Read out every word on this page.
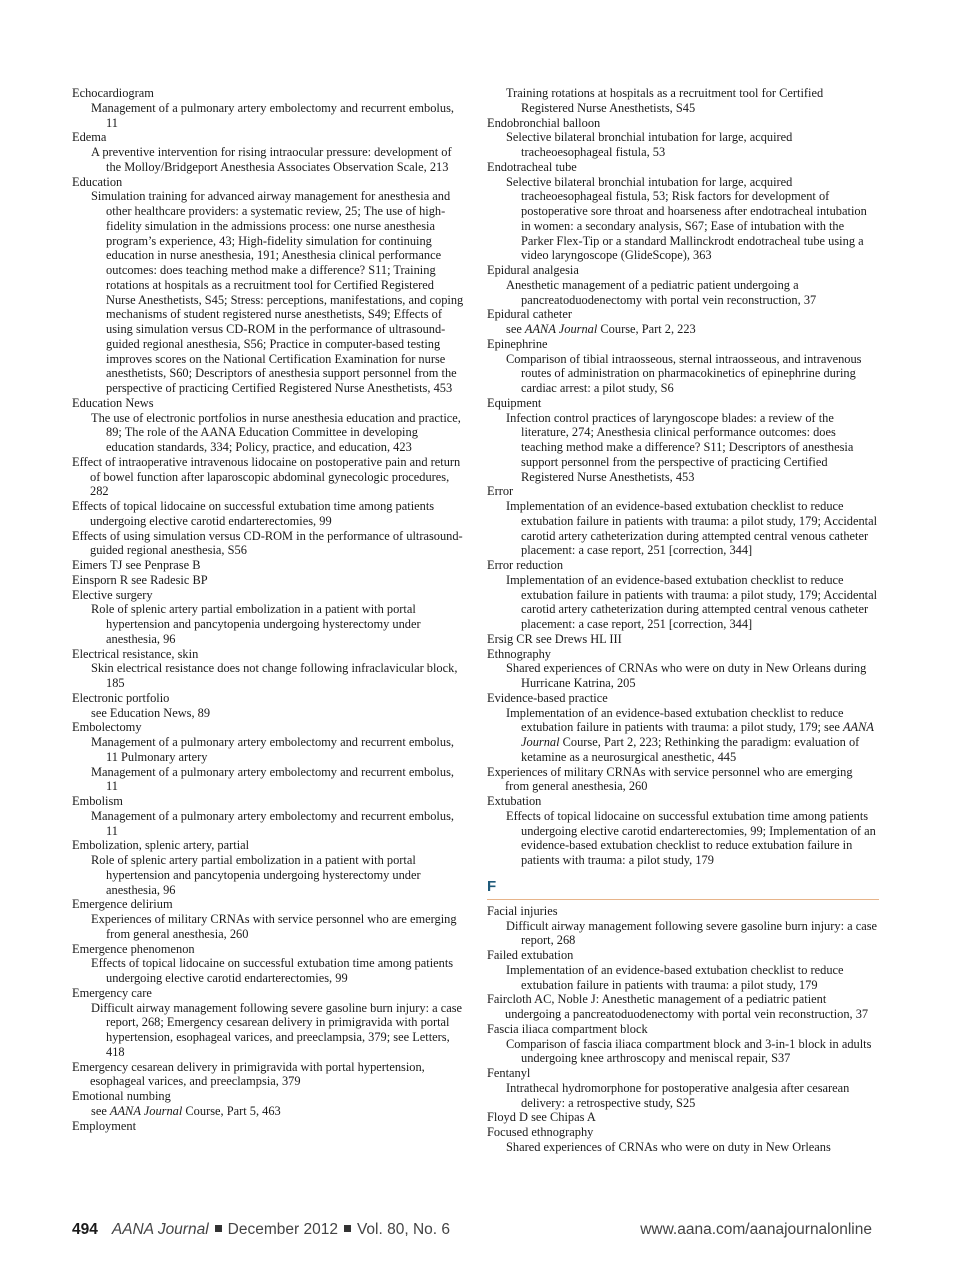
Echocardiogram

Management of a pulmonary artery embolectomy and recurrent embolus, 11

Edema

A preventive intervention for rising intraocular pressure: development of the Molloy/Bridgeport Anesthesia Associates Observation Scale, 213

Education

Simulation training for advanced airway management for anesthesia and other healthcare providers: a systematic review, 25; The use of high-fidelity simulation in the admissions process: one nurse anesthesia program’s experience, 43; High-fidelity simulation for continuing education in nurse anesthesia, 191; Anesthesia clinical performance outcomes: does teaching method make a difference? S11; Training rotations at hospitals as a recruitment tool for Certified Registered Nurse Anesthetists, S45; Stress: perceptions, manifestations, and coping mechanisms of student registered nurse anesthetists, S49; Effects of using simulation versus CD-ROM in the performance of ultrasound-guided regional anesthesia, S56; Practice in computer-based testing improves scores on the National Certification Examination for nurse anesthetists, S60; Descriptors of anesthesia support personnel from the perspective of practicing Certified Registered Nurse Anesthetists, 453

Education News

The use of electronic portfolios in nurse anesthesia education and practice, 89; The role of the AANA Education Committee in developing education standards, 334; Policy, practice, and education, 423

Effect of intraoperative intravenous lidocaine on postoperative pain and return of bowel function after laparoscopic abdominal gynecologic procedures, 282

Effects of topical lidocaine on successful extubation time among patients undergoing elective carotid endarterectomies, 99

Effects of using simulation versus CD-ROM in the performance of ultrasound-guided regional anesthesia, S56

Eimers TJ see Penprase B

Einsporn R see Radesic BP

Elective surgery

Role of splenic artery partial embolization in a patient with portal hypertension and pancytopenia undergoing hysterectomy under anesthesia, 96

Electrical resistance, skin

Skin electrical resistance does not change following infraclavicular block, 185

Electronic portfolio

see Education News, 89

Embolectomy

Management of a pulmonary artery embolectomy and recurrent embolus, 11 Pulmonary artery

Management of a pulmonary artery embolectomy and recurrent embolus, 11

Embolism

Management of a pulmonary artery embolectomy and recurrent embolus, 11

Embolization, splenic artery, partial

Role of splenic artery partial embolization in a patient with portal hypertension and pancytopenia undergoing hysterectomy under anesthesia, 96

Emergence delirium

Experiences of military CRNAs with service personnel who are emerging from general anesthesia, 260

Emergence phenomenon

Effects of topical lidocaine on successful extubation time among patients undergoing elective carotid endarterectomies, 99

Emergency care

Difficult airway management following severe gasoline burn injury: a case report, 268; Emergency cesarean delivery in primigravida with portal hypertension, esophageal varices, and preeclampsia, 379; see Letters, 418

Emergency cesarean delivery in primigravida with portal hypertension, esophageal varices, and preeclampsia, 379

Emotional numbing

see AANA Journal Course, Part 5, 463

Employment

Training rotations at hospitals as a recruitment tool for Certified Registered Nurse Anesthetists, S45

Endobronchial balloon

Selective bilateral bronchial intubation for large, acquired tracheoesophageal fistula, 53

Endotracheal tube

Selective bilateral bronchial intubation for large, acquired tracheoesophageal fistula, 53; Risk factors for development of postoperative sore throat and hoarseness after endotracheal intubation in women: a secondary analysis, S67; Ease of intubation with the Parker Flex-Tip or a standard Mallinckrodt endotracheal tube using a video laryngoscope (GlideScope), 363

Epidural analgesia

Anesthetic management of a pediatric patient undergoing a pancreatoduodenectomy with portal vein reconstruction, 37

Epidural catheter

see AANA Journal Course, Part 2, 223

Epinephrine

Comparison of tibial intraosseous, sternal intraosseous, and intravenous routes of administration on pharmacokinetics of epinephrine during cardiac arrest: a pilot study, S6

Equipment

Infection control practices of laryngoscope blades: a review of the literature, 274; Anesthesia clinical performance outcomes: does teaching method make a difference? S11; Descriptors of anesthesia support personnel from the perspective of practicing Certified Registered Nurse Anesthetists, 453

Error

Implementation of an evidence-based extubation checklist to reduce extubation failure in patients with trauma: a pilot study, 179; Accidental carotid artery catheterization during attempted central venous catheter placement: a case report, 251 [correction, 344]

Error reduction

Implementation of an evidence-based extubation checklist to reduce extubation failure in patients with trauma: a pilot study, 179; Accidental carotid artery catheterization during attempted central venous catheter placement: a case report, 251 [correction, 344]

Ersig CR see Drews HL III

Ethnography

Shared experiences of CRNAs who were on duty in New Orleans during Hurricane Katrina, 205

Evidence-based practice

Implementation of an evidence-based extubation checklist to reduce extubation failure in patients with trauma: a pilot study, 179; see AANA Journal Course, Part 2, 223; Rethinking the paradigm: evaluation of ketamine as a neurosurgical anesthetic, 445

Experiences of military CRNAs with service personnel who are emerging from general anesthesia, 260

Extubation

Effects of topical lidocaine on successful extubation time among patients undergoing elective carotid endarterectomies, 99; Implementation of an evidence-based extubation checklist to reduce extubation failure in patients with trauma: a pilot study, 179

F

Facial injuries

Difficult airway management following severe gasoline burn injury: a case report, 268

Failed extubation

Implementation of an evidence-based extubation checklist to reduce extubation failure in patients with trauma: a pilot study, 179

Faircloth AC, Noble J: Anesthetic management of a pediatric patient undergoing a pancreatoduodenectomy with portal vein reconstruction, 37

Fascia iliaca compartment block

Comparison of fascia iliaca compartment block and 3-in-1 block in adults undergoing knee arthroscopy and meniscal repair, S37

Fentanyl

Intrathecal hydromorphone for postoperative analgesia after cesarean delivery: a retrospective study, S25

Floyd D see Chipas A

Focused ethnography

Shared experiences of CRNAs who were on duty in New Orleans

494 AANA Journal December 2012 Vol. 80, No. 6	www.aana.com/aanajournalonline
